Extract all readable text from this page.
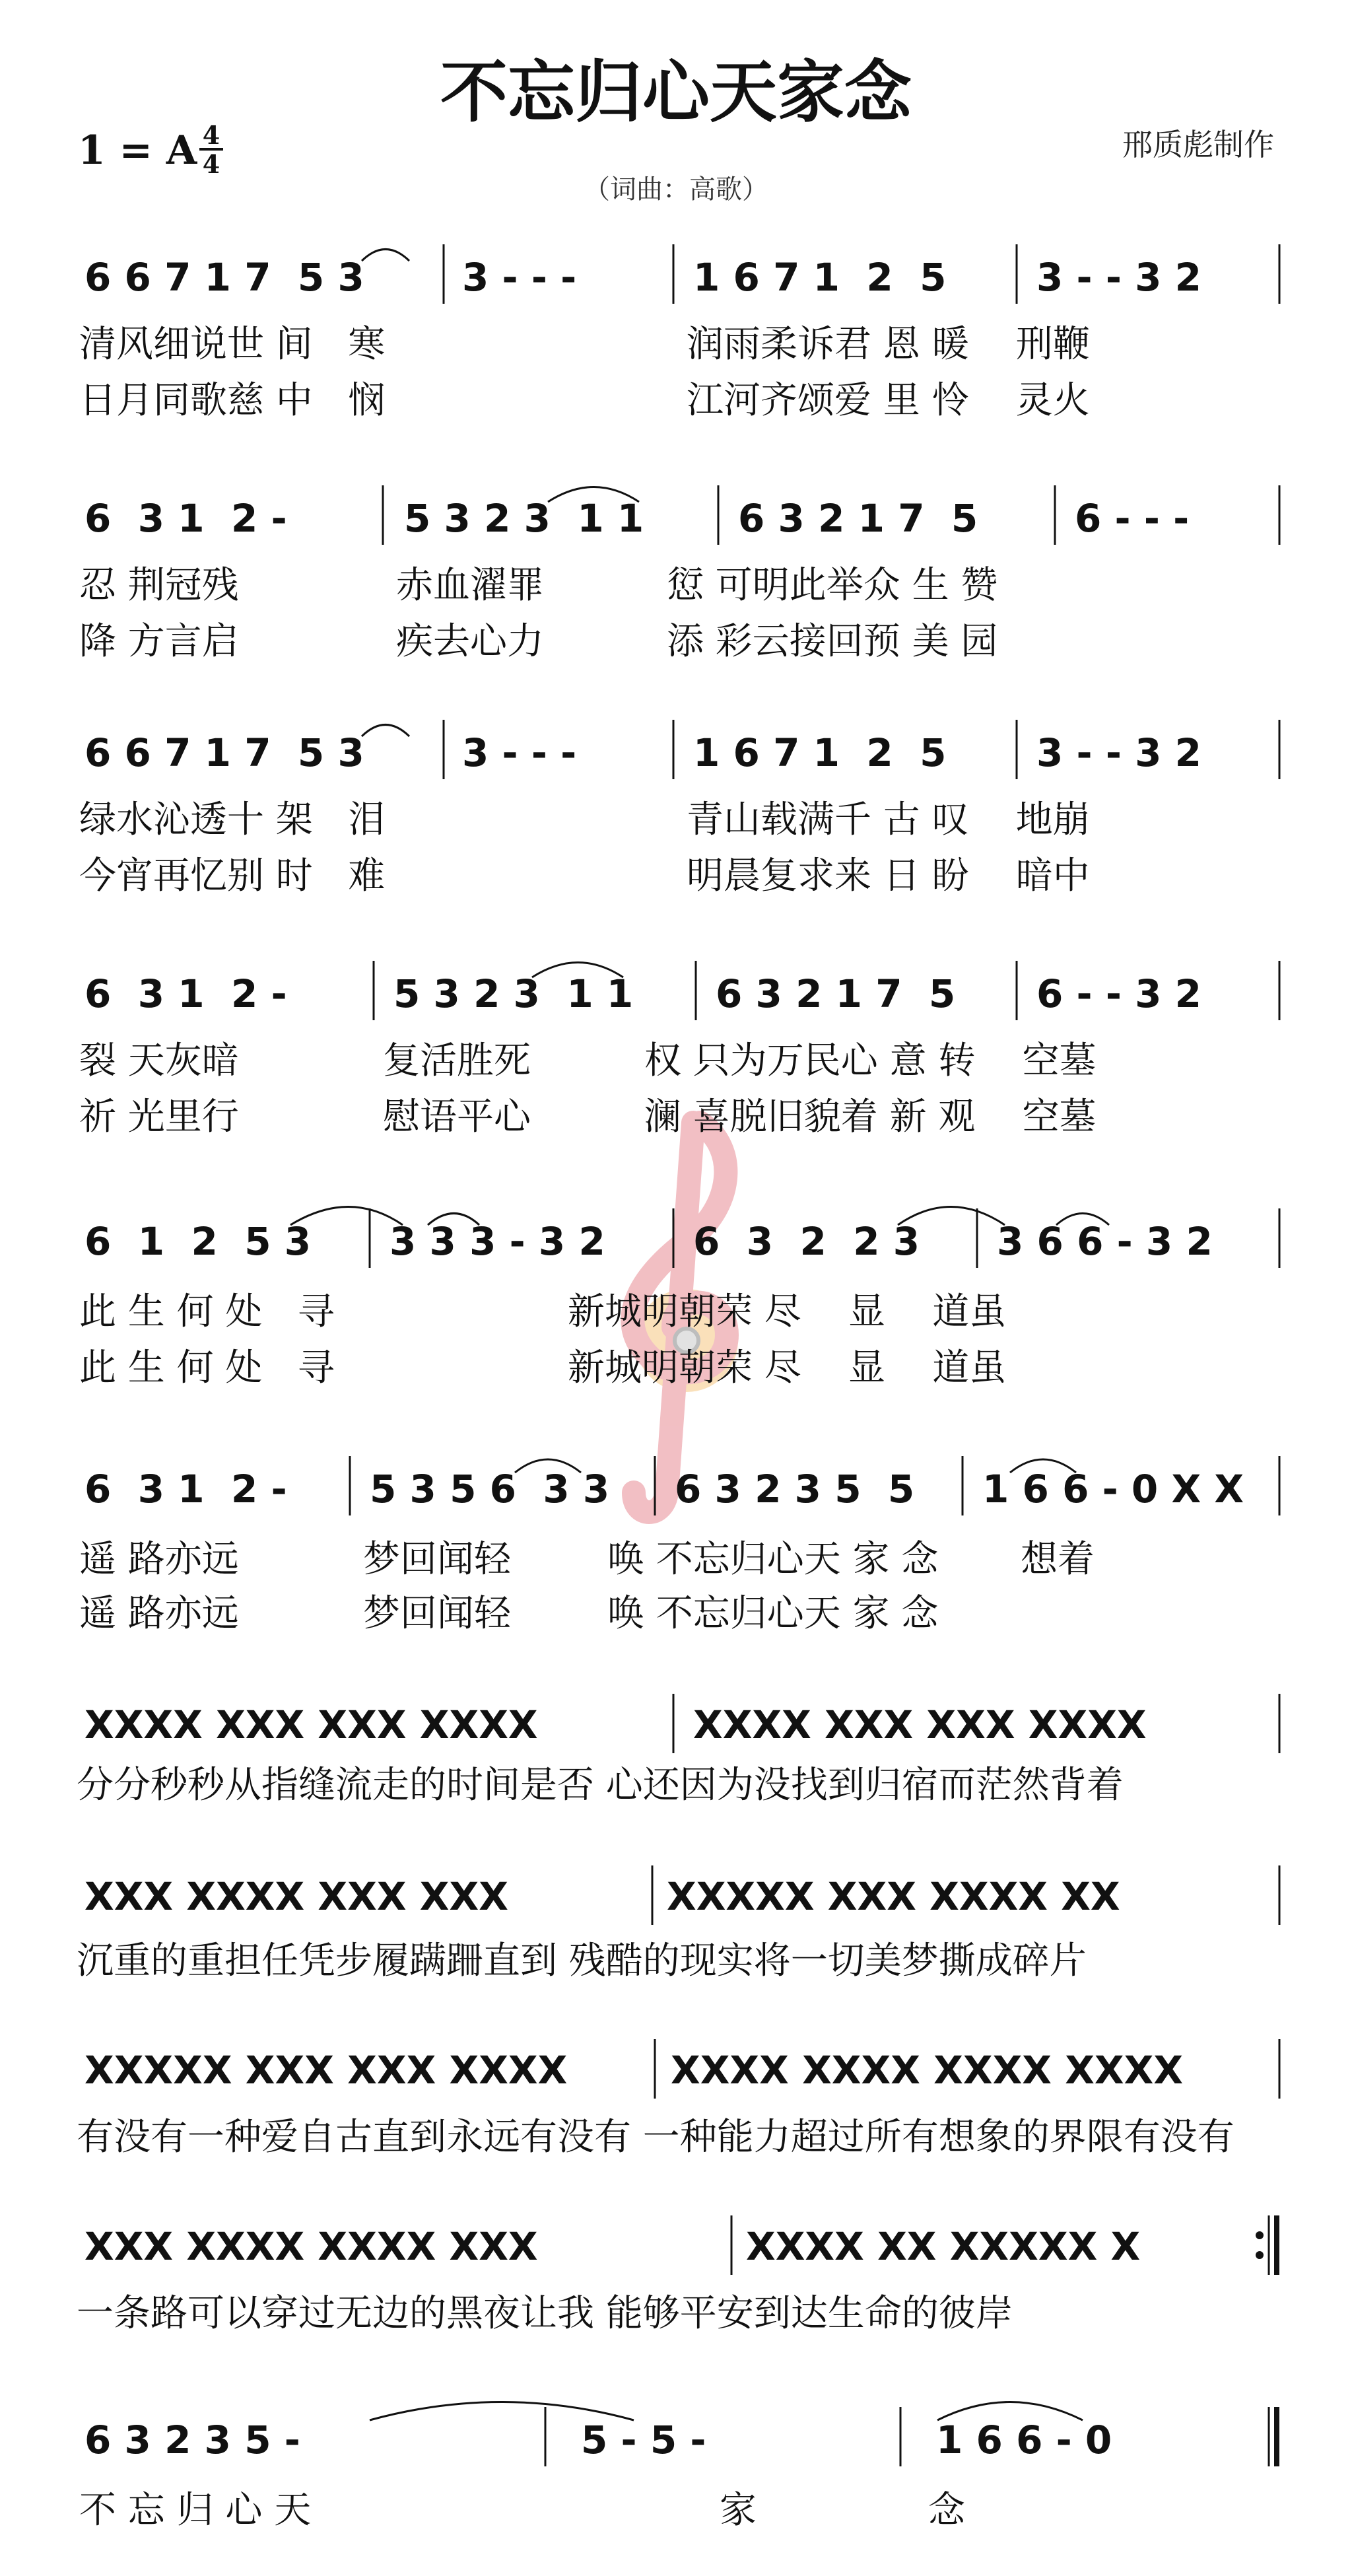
不忘归心天家念
1 = A 4
4
邢质彪制作
（词曲：高歌）
6 6 7 1 7  5 3	3 - - -	1 6 7 1  2  5 3 - - 3 2
清风细说世 间   寒	润雨柔诉君 恩 暖    刑鞭
日月同歌慈 中   悯	江河齐颂爱 里 怜    灵火
6  3 1  2 -	5 3 2 3  1 1 6 3 2 1 7  5	6 - - -
忍 荆冠残	赤血濯罪	愆 可明此举众 生 赞
降 方言启	疾去心力	添 彩云接回预 美 园
6 6 7 1 7  5 3	3 - - -	1 6 7 1  2  5 3 - - 3 2
绿水沁透十 架   泪	青山载满千 古 叹    地崩
今宵再忆别 时   难	明晨复求来 日 盼    暗中
6  3 1  2 -	5 3 2 3  1 1 6 3 2 1 7  5 6 - - 3 2
裂 天灰暗	复活胜死	权 只为万民心 意 转    空墓
祈 光里行	慰语平心	澜 喜脱旧貌着 新 观    空墓
6  1  2  5 3 3 3 3 - 3 2 6  3  2  2 3 3 6 6 - 3 2
此 生 何 处   寻	新城明朝荣 尽    显    道虽
此 生 何 处   寻	新城明朝荣 尽    显    道虽
6  3 1  2 - 5 3 5 6  3 3 6 3 2 3 5  5 1 6 6 - 0 X X
遥 路亦远	梦回闻轻	唤 不忘归心天 家 念       想着
遥 路亦远	梦回闻轻	唤 不忘归心天 家 念
XXXX XXX XXX XXXX	XXXX XXX XXX XXXX
分分秒秒从指缝流走的时间是否 心还因为没找到归宿而茫然背着
XXX XXXX XXX XXX	XXXXX XXX XXXX XX
沉重的重担任凭步履蹒跚直到 残酷的现实将一切美梦撕成碎片
XXXXX XXX XXX XXXX	XXXX XXXX XXXX XXXX
有没有一种爱自古直到永远有没有 一种能力超过所有想象的界限有没有
XXX XXXX XXXX XXX	XXXX XX XXXXX X
一条路可以穿过无边的黑夜让我 能够平安到达生命的彼岸
6 3 2 3 5 -	5 - 5 -	1 6 6 - 0
不 忘 归 心 天	家	念
